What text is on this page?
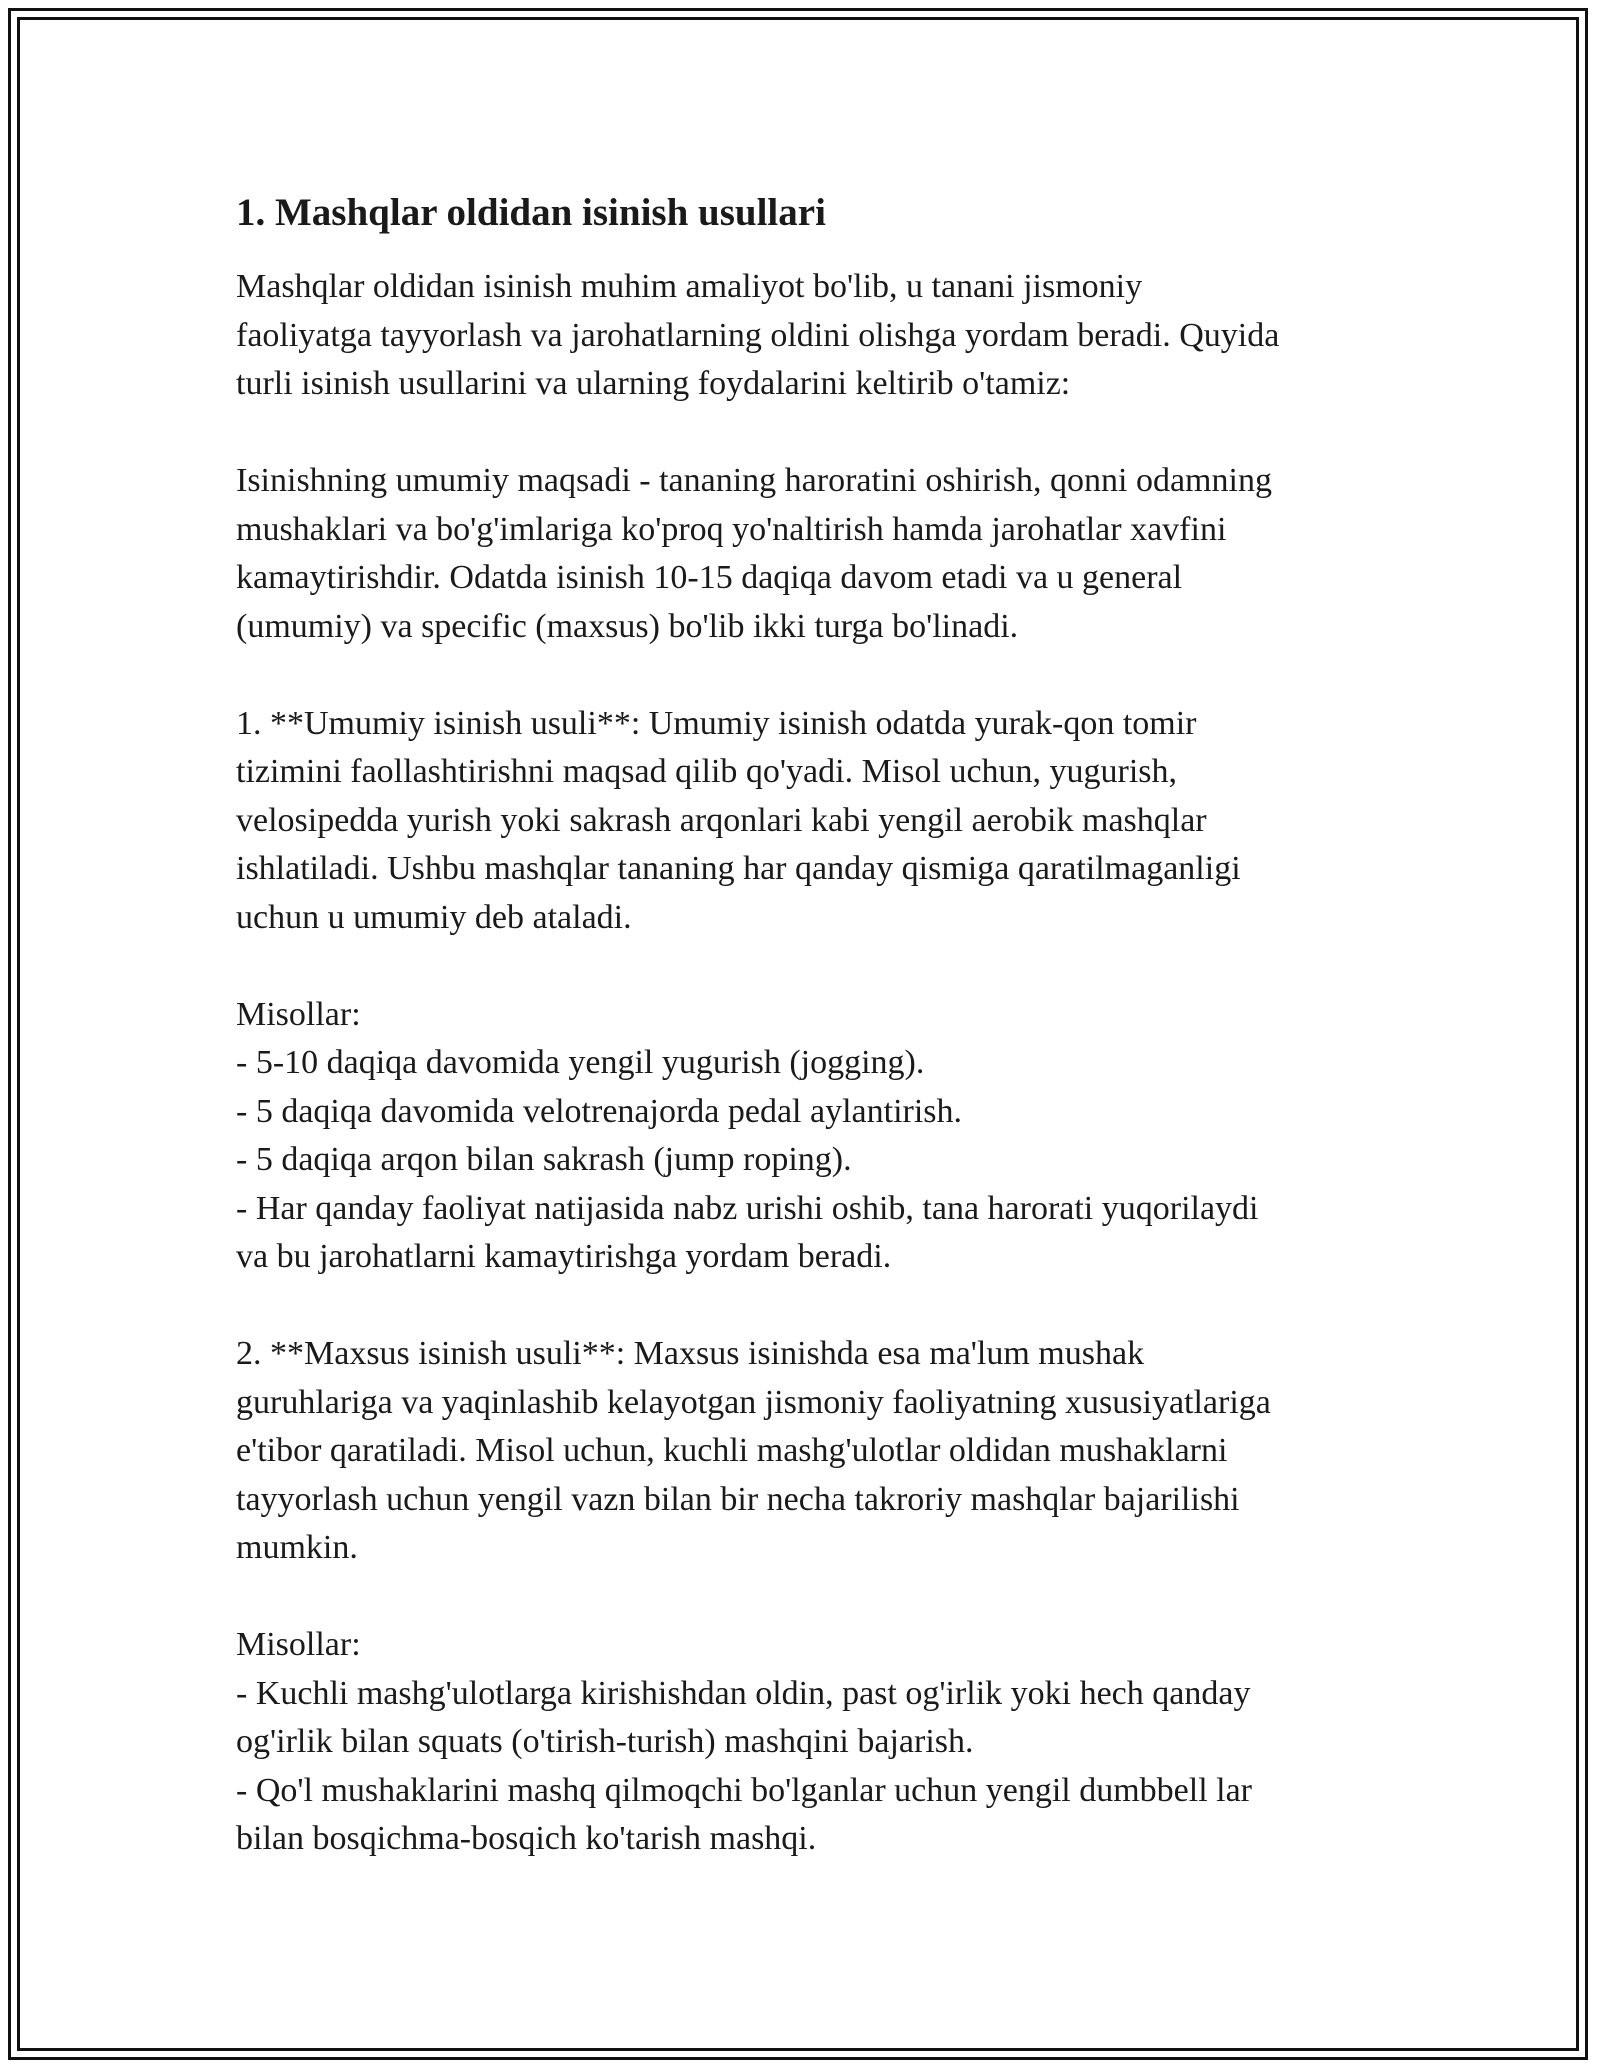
1. Mashqlar oldidan isinish usullari

Mashqlar oldidan isinish muhim amaliyot bo'lib, u tanani jismoniy
faoliyatga tayyorlash va jarohatlarning oldini olishga yordam beradi. Quyida
turli isinish usullarini va ularning foydalarini keltirib o'tamiz:

Isinishning umumiy maqsadi - tananing haroratini oshirish, qonni odamning
mushaklari va bo'g'imlariga ko'proq yo'naltirish hamda jarohatlar xavfini
kamaytirishdir. Odatda isinish 10-15 daqiqa davom etadi va u general
(umumiy) va specific (maxsus) bo'lib ikki turga bo'linadi.

1. **Umumiy isinish usuli**: Umumiy isinish odatda yurak-qon tomir
tizimini faollashtirishni maqsad qilib qo'yadi. Misol uchun, yugurish,
velosipedda yurish yoki sakrash arqonlari kabi yengil aerobik mashqlar
ishlatiladi. Ushbu mashqlar tananing har qanday qismiga qaratilmaganligi
uchun u umumiy deb ataladi.

Misollar:
- 5-10 daqiqa davomida yengil yugurish (jogging).
- 5 daqiqa davomida velotrenajorda pedal aylantirish.
- 5 daqiqa arqon bilan sakrash (jump roping).
- Har qanday faoliyat natijasida nabz urishi oshib, tana harorati yuqorilaydi
va bu jarohatlarni kamaytirishga yordam beradi.

2. **Maxsus isinish usuli**: Maxsus isinishda esa ma'lum mushak
guruhlariga va yaqinlashib kelayotgan jismoniy faoliyatning xususiyatlariga
e'tibor qaratiladi. Misol uchun, kuchli mashg'ulotlar oldidan mushaklarni
tayyorlash uchun yengil vazn bilan bir necha takroriy mashqlar bajarilishi
mumkin.

Misollar:
- Kuchli mashg'ulotlarga kirishishdan oldin, past og'irlik yoki hech qanday
og'irlik bilan squats (o'tirish-turish) mashqini bajarish.
- Qo'l mushaklarini mashq qilmoqchi bo'lganlar uchun yengil dumbbell lar
bilan bosqichma-bosqich ko'tarish mashqi.
